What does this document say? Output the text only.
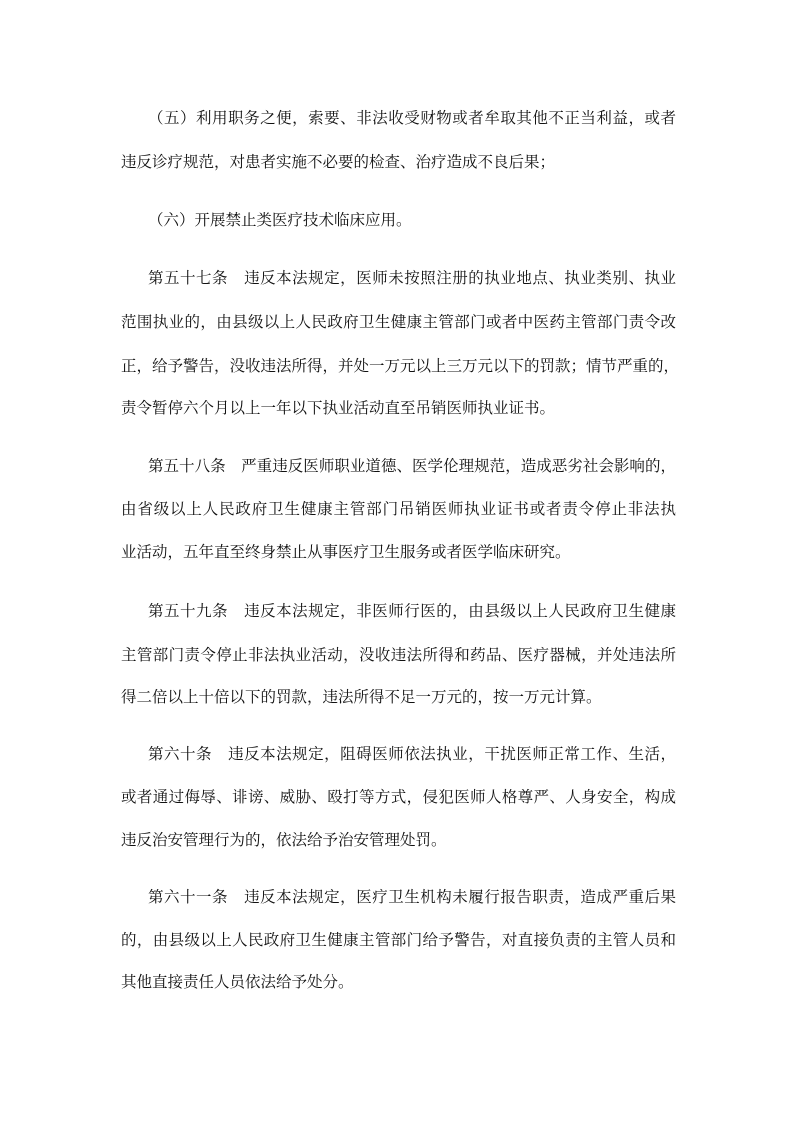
（五）利用职务之便，索要、非法收受财物或者牟取其他不正当利益，或者
违反诊疗规范，对患者实施不必要的检查、治疗造成不良后果；
（六）开展禁止类医疗技术临床应用。
第五十七条　违反本法规定，医师未按照注册的执业地点、执业类别、执业
范围执业的，由县级以上人民政府卫生健康主管部门或者中医药主管部门责令改
正，给予警告，没收违法所得，并处一万元以上三万元以下的罚款；情节严重的，
责令暂停六个月以上一年以下执业活动直至吊销医师执业证书。
第五十八条　严重违反医师职业道德、医学伦理规范，造成恶劣社会影响的，
由省级以上人民政府卫生健康主管部门吊销医师执业证书或者责令停止非法执
业活动，五年直至终身禁止从事医疗卫生服务或者医学临床研究。
第五十九条　违反本法规定，非医师行医的，由县级以上人民政府卫生健康
主管部门责令停止非法执业活动，没收违法所得和药品、医疗器械，并处违法所
得二倍以上十倍以下的罚款，违法所得不足一万元的，按一万元计算。
第六十条　违反本法规定，阻碍医师依法执业，干扰医师正常工作、生活，
或者通过侮辱、诽谤、威胁、殴打等方式，侵犯医师人格尊严、人身安全，构成
违反治安管理行为的，依法给予治安管理处罚。
第六十一条　违反本法规定，医疗卫生机构未履行报告职责，造成严重后果
的，由县级以上人民政府卫生健康主管部门给予警告，对直接负责的主管人员和
其他直接责任人员依法给予处分。
